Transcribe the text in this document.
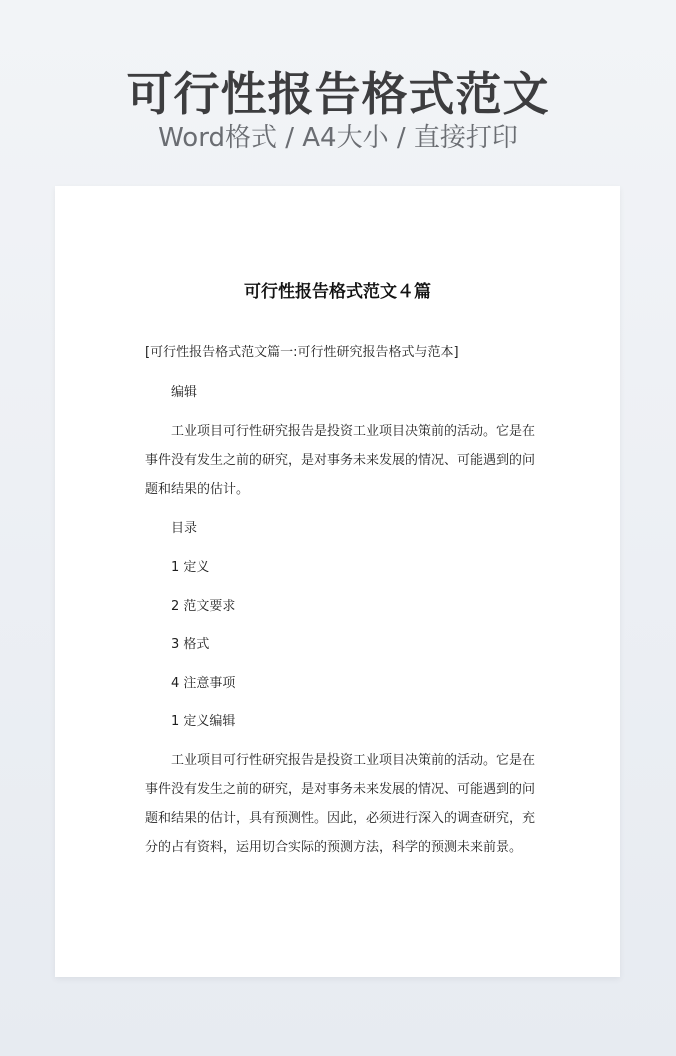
可行性报告格式范文
Word格式 / A4大小 / 直接打印
可行性报告格式范文４篇

[可行性报告格式范文篇一:可行性研究报告格式与范本]

编辑

工业项目可行性研究报告是投资工业项目决策前的活动。它是在
事件没有发生之前的研究，是对事务未来发展的情况、可能遇到的问
题和结果的估计。

目录

1 定义

2 范文要求

3 格式

4 注意事项

1 定义编辑

工业项目可行性研究报告是投资工业项目决策前的活动。它是在
事件没有发生之前的研究，是对事务未来发展的情况、可能遇到的问
题和结果的估计，具有预测性。因此，必须进行深入的调查研究，充
分的占有资料，运用切合实际的预测方法，科学的预测未来前景。
